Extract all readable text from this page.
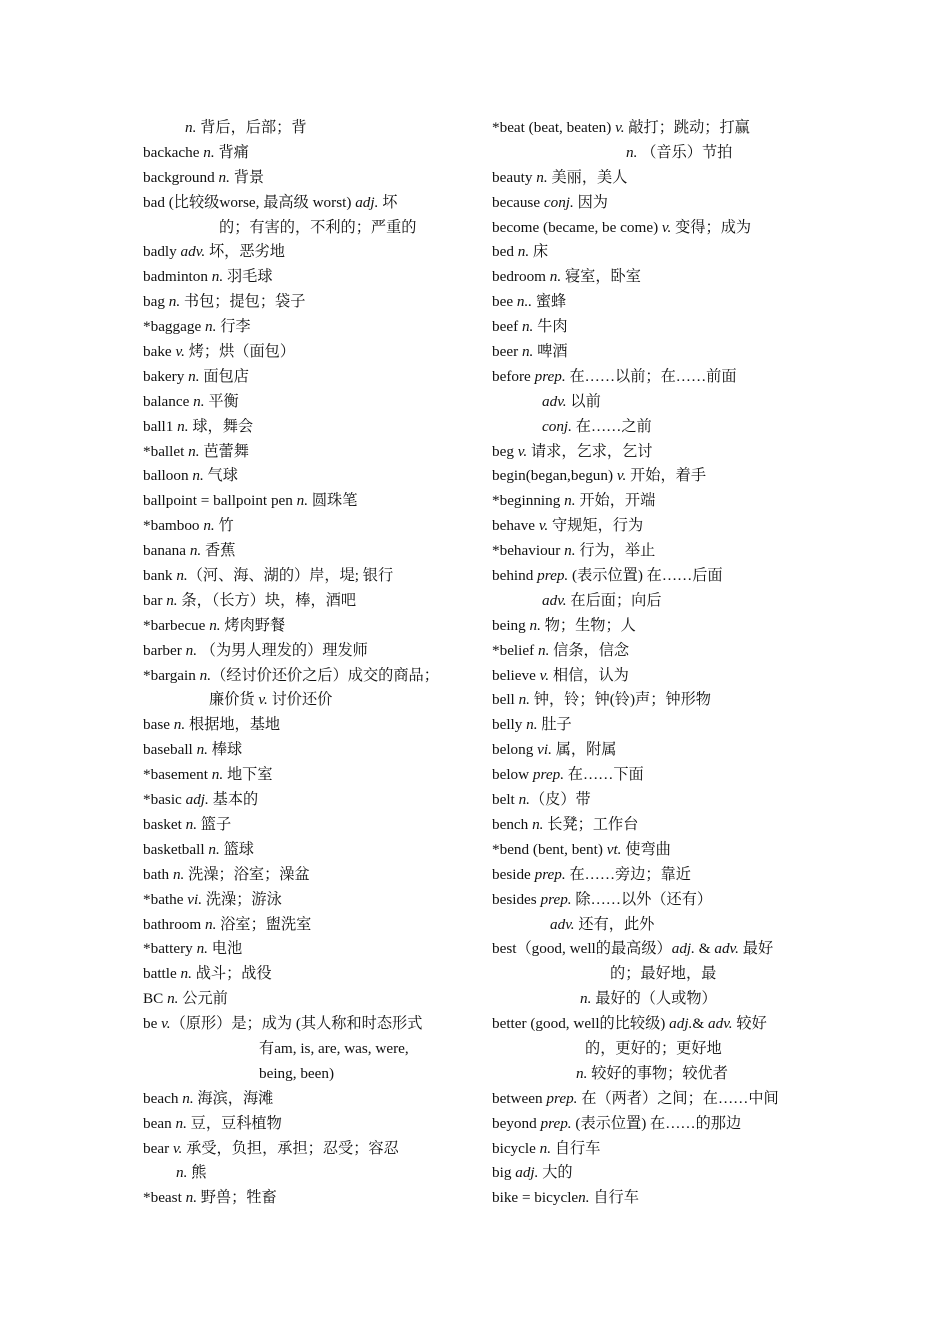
n. 背后，后部；背
backache n. 背痛
background n. 背景
bad (比较级worse, 最高级 worst) adj. 坏
的；有害的，不利的；严重的
badly adv. 坏，恶劣地
badminton n. 羽毛球
bag n. 书包；提包；袋子
*baggage n. 行李
bake v. 烤；烘（面包）
bakery n. 面包店
balance n. 平衡
ball1 n. 球，舞会
*ballet n. 芭蕾舞
balloon n. 气球
ballpoint = ballpoint pen n. 圆珠笔
*bamboo n. 竹
banana n. 香蕉
bank n.（河、海、湖的）岸，堤; 银行
bar n. 条，（长方）块，棒，酒吧
*barbecue n. 烤肉野餐
barber n. （为男人理发的）理发师
*bargain n.（经讨价还价之后）成交的商品；
廉价货 v. 讨价还价
base n. 根据地，基地
baseball n. 棒球
*basement n. 地下室
*basic adj. 基本的
basket n. 篮子
basketball n. 篮球
bath n. 洗澡；浴室；澡盆
*bathe vi. 洗澡；游泳
bathroom n. 浴室；盥洗室
*battery n. 电池
battle n. 战斗；战役
BC n. 公元前
be v.（原形）是；成为 (其人称和时态形式
有am, is, are, was, were,
being, been)
beach n. 海滨，海滩
bean n. 豆，豆科植物
bear v. 承受，负担，承担；忍受；容忍
n. 熊
*beast n. 野兽；牲畜
*beat (beat, beaten) v. 敲打；跳动；打赢
n. （音乐）节拍
beauty n. 美丽，美人
because conj. 因为
become (became, be come) v. 变得；成为
bed n. 床
bedroom n. 寝室，卧室
bee n.. 蜜蜂
beef n. 牛肉
beer n. 啤酒
before prep. 在……以前；在……前面
adv. 以前
conj. 在……之前
beg v. 请求，乞求，乞讨
begin(began,begun) v. 开始，着手
*beginning n. 开始，开端
behave v. 守规矩，行为
*behaviour n. 行为，举止
behind prep. (表示位置) 在……后面
adv. 在后面；向后
being n. 物；生物；人
*belief n. 信条，信念
believe v. 相信，认为
bell n. 钟，铃；钟(铃)声；钟形物
belly n. 肚子
belong vi. 属，附属
below prep. 在……下面
belt n.（皮）带
bench n. 长凳；工作台
*bend (bent, bent) vt. 使弯曲
beside prep. 在……旁边；靠近
besides prep. 除……以外（还有）
adv. 还有，此外
best（good, well的最高级）adj. & adv. 最好
的；最好地，最
n. 最好的（人或物）
better (good, well的比较级) adj.& adv. 较好
的，更好的；更好地
n. 较好的事物；较优者
between prep. 在（两者）之间；在……中间
beyond prep. (表示位置) 在……的那边
bicycle n. 自行车
big adj. 大的
bike = bicyclen. 自行车
